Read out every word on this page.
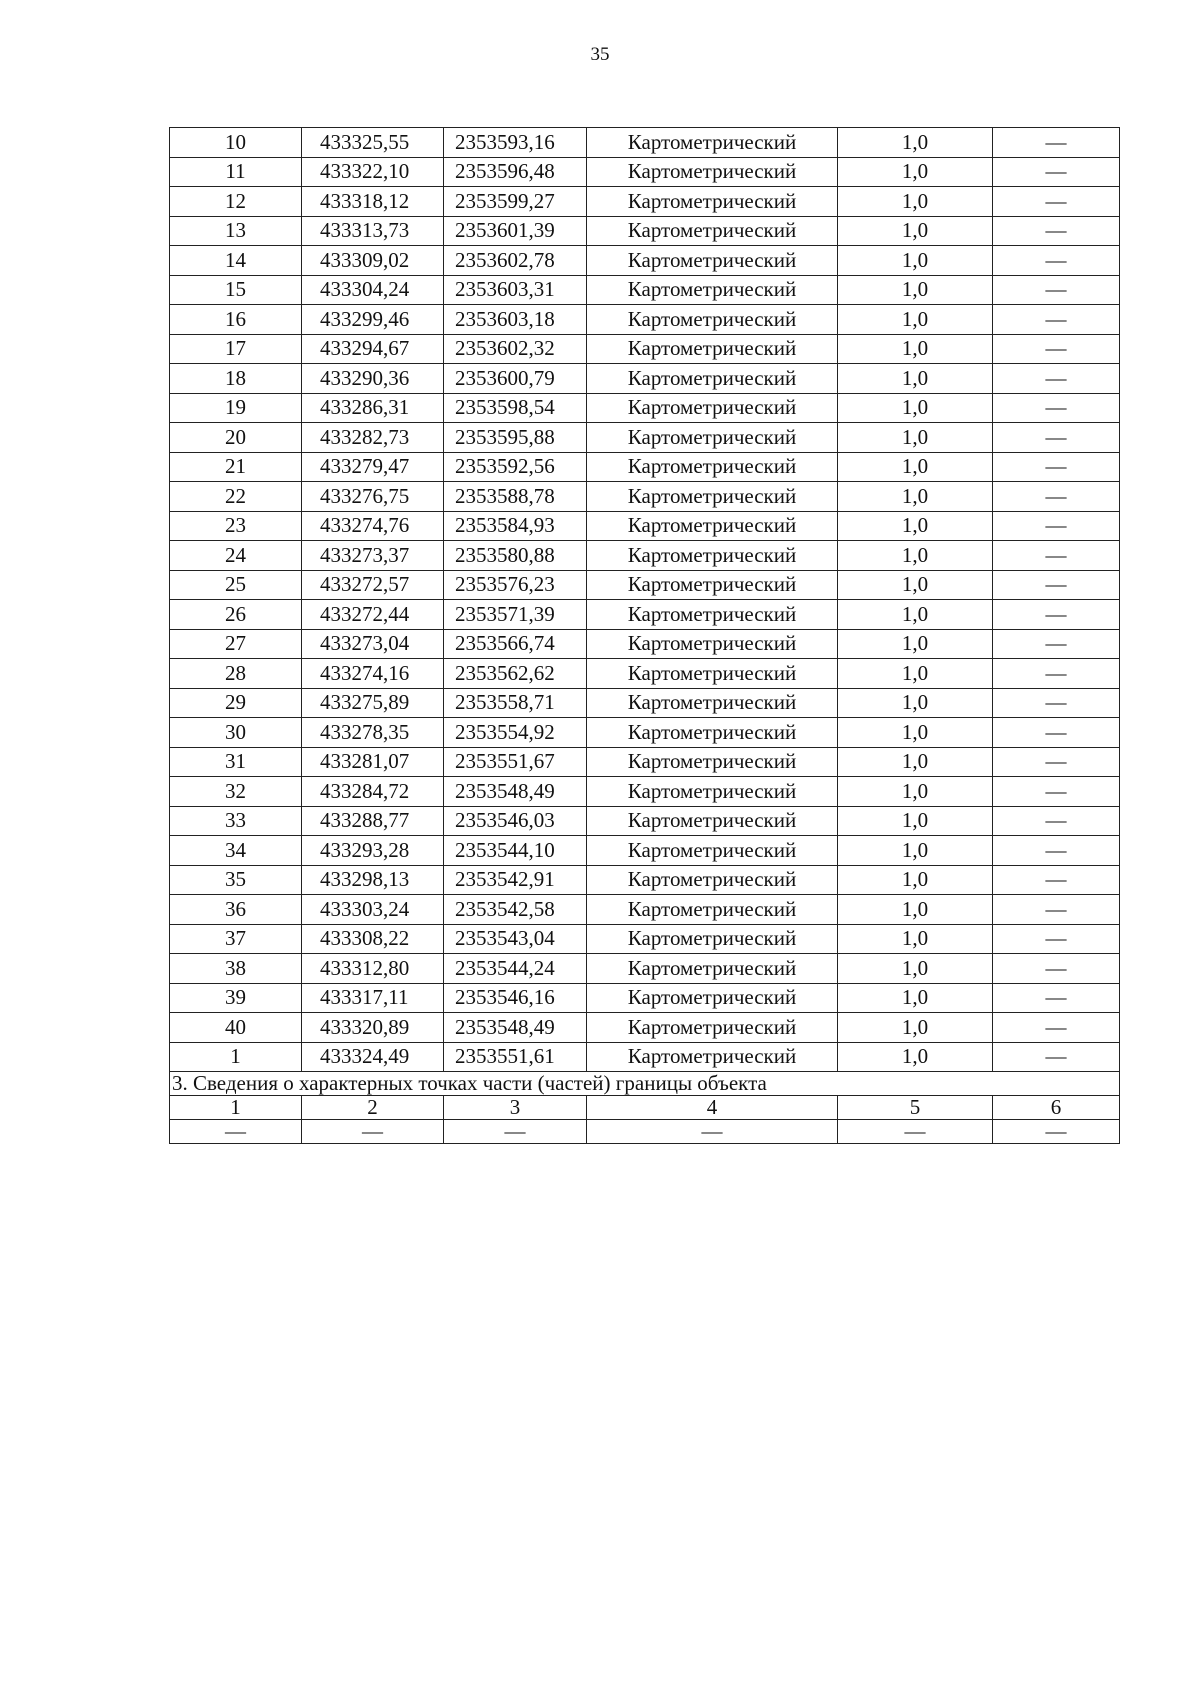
35
10	433325,55	2353593,16	Картометрический	1,0	—
11	433322,10	2353596,48	Картометрический	1,0	—
12	433318,12	2353599,27	Картометрический	1,0	—
13	433313,73	2353601,39	Картометрический	1,0	—
14	433309,02	2353602,78	Картометрический	1,0	—
15	433304,24	2353603,31	Картометрический	1,0	—
16	433299,46	2353603,18	Картометрический	1,0	—
17	433294,67	2353602,32	Картометрический	1,0	—
18	433290,36	2353600,79	Картометрический	1,0	—
19	433286,31	2353598,54	Картометрический	1,0	—
20	433282,73	2353595,88	Картометрический	1,0	—
21	433279,47	2353592,56	Картометрический	1,0	—
22	433276,75	2353588,78	Картометрический	1,0	—
23	433274,76	2353584,93	Картометрический	1,0	—
24	433273,37	2353580,88	Картометрический	1,0	—
25	433272,57	2353576,23	Картометрический	1,0	—
26	433272,44	2353571,39	Картометрический	1,0	—
27	433273,04	2353566,74	Картометрический	1,0	—
28	433274,16	2353562,62	Картометрический	1,0	—
29	433275,89	2353558,71	Картометрический	1,0	—
30	433278,35	2353554,92	Картометрический	1,0	—
31	433281,07	2353551,67	Картометрический	1,0	—
32	433284,72	2353548,49	Картометрический	1,0	—
33	433288,77	2353546,03	Картометрический	1,0	—
34	433293,28	2353544,10	Картометрический	1,0	—
35	433298,13	2353542,91	Картометрический	1,0	—
36	433303,24	2353542,58	Картометрический	1,0	—
37	433308,22	2353543,04	Картометрический	1,0	—
38	433312,80	2353544,24	Картометрический	1,0	—
39	433317,11	2353546,16	Картометрический	1,0	—
40	433320,89	2353548,49	Картометрический	1,0	—
1	433324,49	2353551,61	Картометрический	1,0	—
3. Сведения о характерных точках части (частей) границы объекта					
1	2	3	4	5	6
—	—	—	—	—	—
